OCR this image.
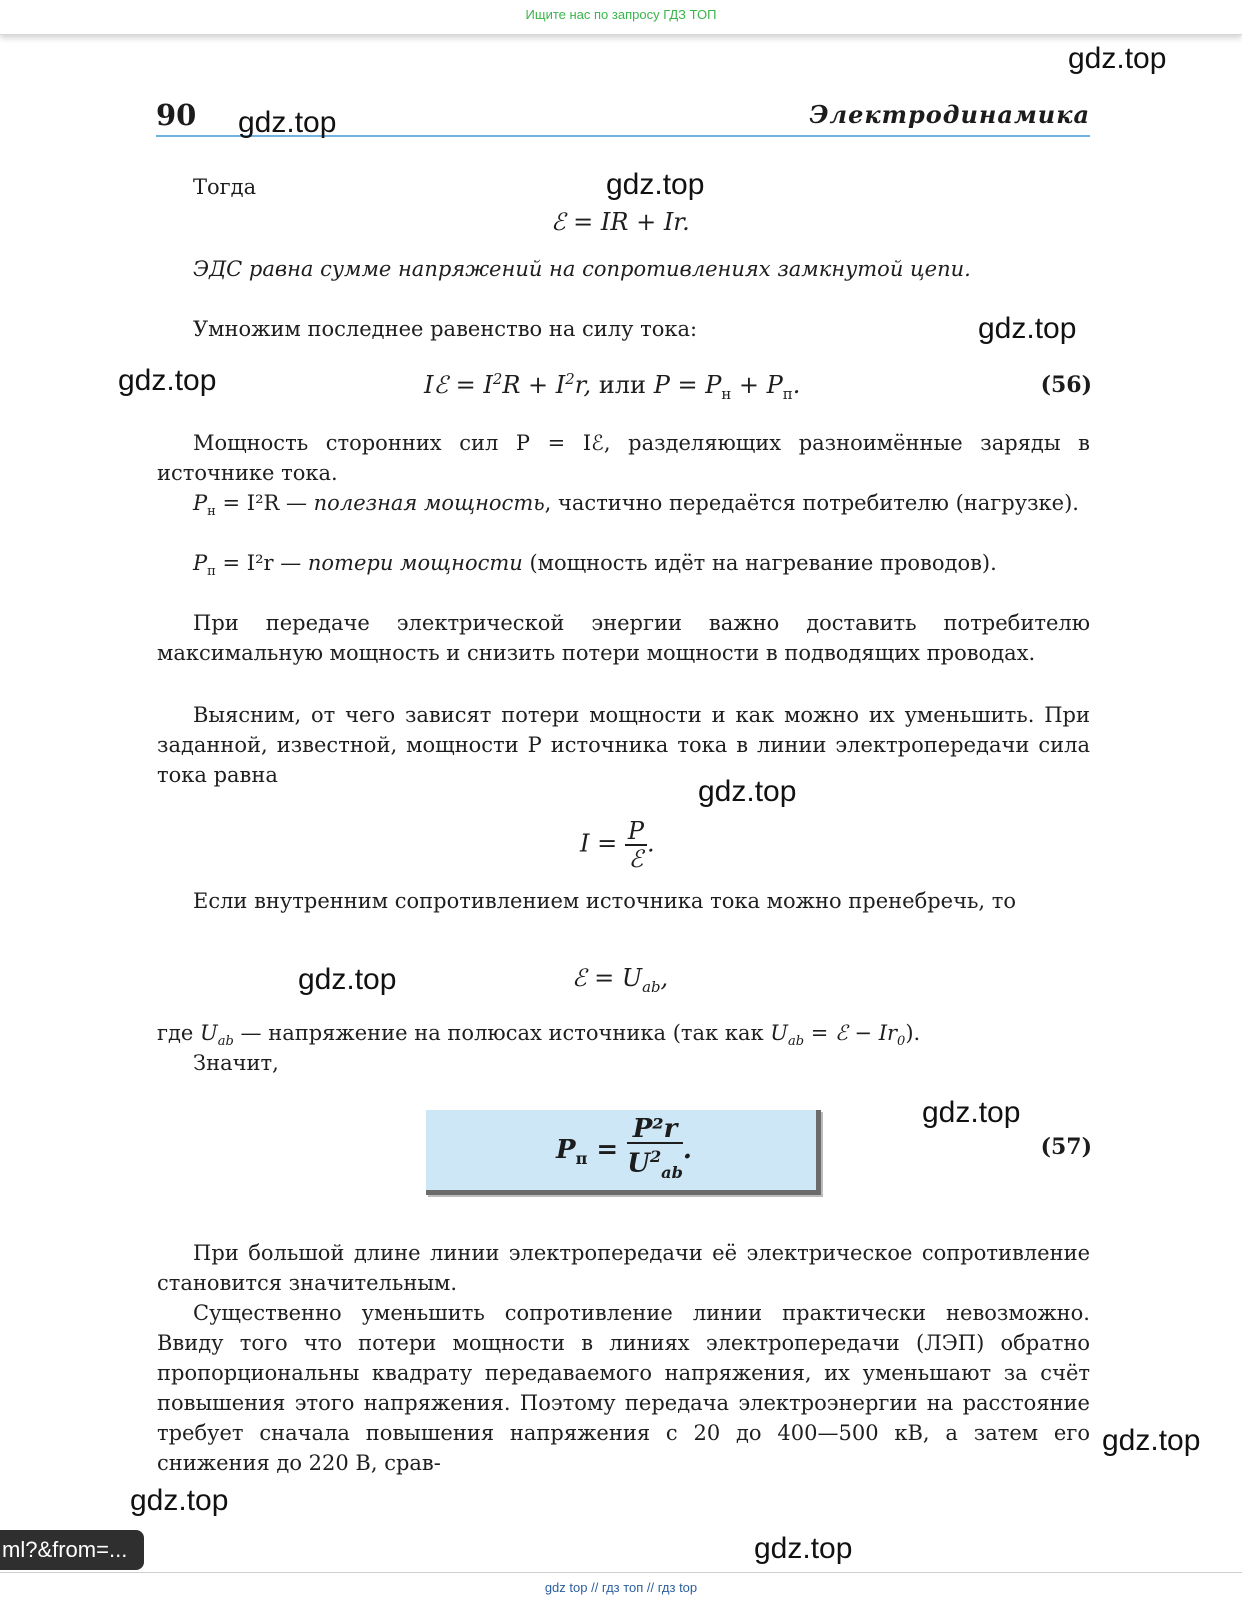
Ищите нас по запросу ГДЗ ТОП
90	Электродинамика
gdz.top
gdz.top
gdz.top
gdz.top
gdz.top
gdz.top
gdz.top
gdz.top
gdz.top
gdz.top
gdz.top
Тогда
ℰ = IR + Ir.
ЭДС равна сумме напряжений на сопротивлениях замкнутой цепи.
Умножим последнее равенство на силу тока:
Iℰ = $I^2R + I^2r$, или $P = P_н + P_п$.	(56)
Мощность сторонних сил P = Iℰ, разделяющих разноимённые заряды в источнике тока.
$P_н = I^2R$ — полезная мощность, частично передаётся потребителю (нагрузке).
$P_п = I^2r$ — потери мощности (мощность идёт на нагревание проводов).
При передаче электрической энергии важно доставить потребителю максимальную мощность и снизить потери мощности в подводящих проводах.
Выясним, от чего зависят потери мощности и как можно их уменьшить. При заданной, известной, мощности P источника тока в линии электропередачи сила тока равна
$I = \frac{P}{\text{ℰ}}$ .
Если внутренним сопротивлением источника тока можно пренебречь, то
ℰ = $U_{ab}$,
где $U_{ab}$ — напряжение на полюсах источника (так как $U_{ab}$ = ℰ − $Ir_0$).
Значит,
$P_п = \frac{\text{P²r}}{U^2_{ab}}$ .	(57)
При большой длине линии электропередачи её электрическое сопротивление становится значительным.
Существенно уменьшить сопротивление линии практически невозможно. Ввиду того что потери мощности в линиях электропередачи (ЛЭП) обратно пропорциональны квадрату передаваемого напряжения, их уменьшают за счёт повышения этого напряжения. Поэтому передача электроэнергии на расстояние требует сначала повышения напряжения с 20 до 400—500 кВ, а затем его снижения до 220 В, срав-
ml?&from=...
gdz top // гдз топ // гдз top
